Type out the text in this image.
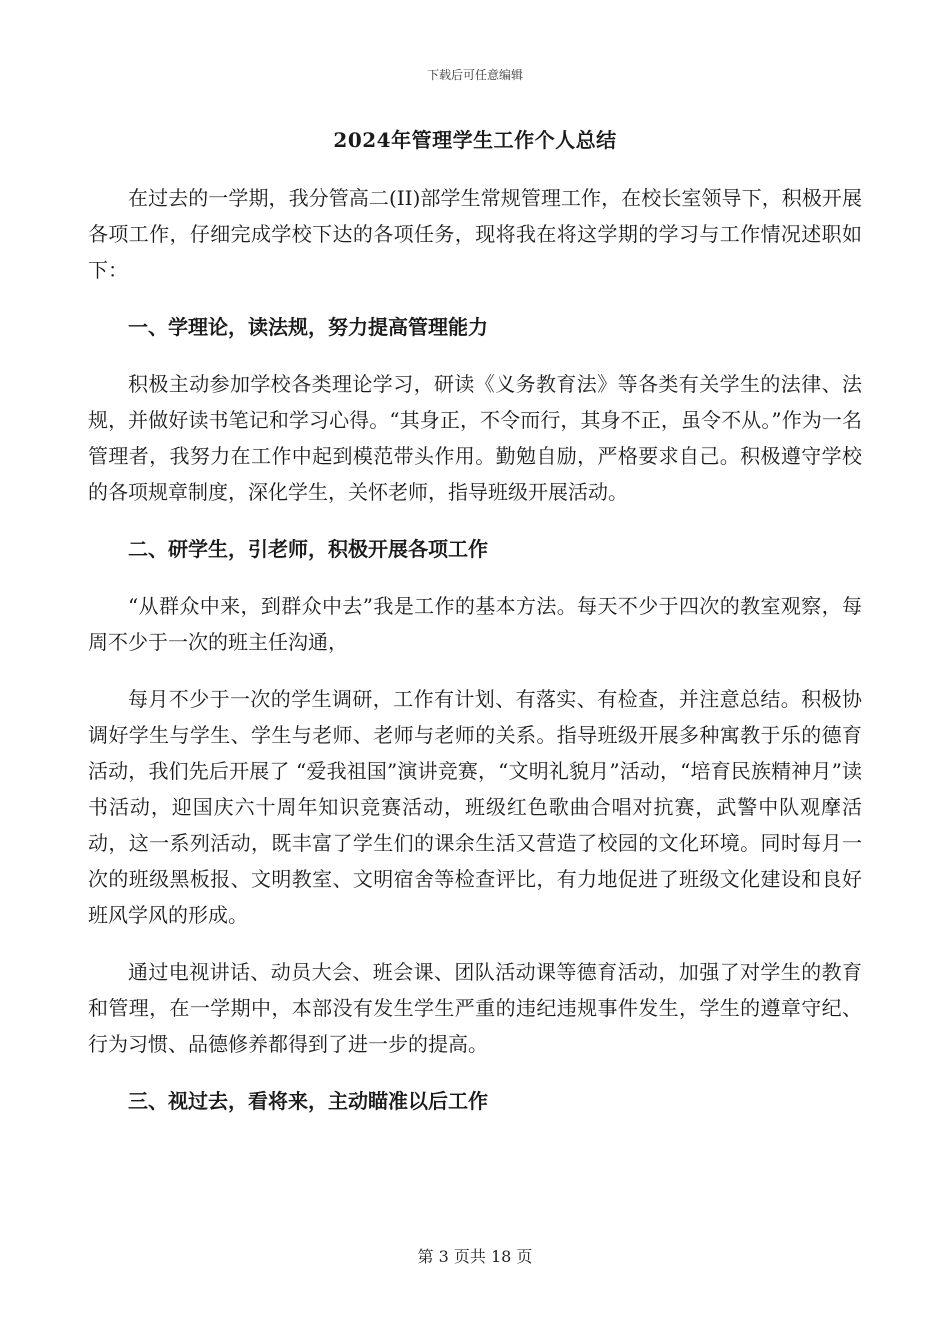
下载后可任意编辑
2024年管理学生工作个人总结

在过去的一学期，我分管高二(II)部学生常规管理工作，在校长室领导下，积极开展各项工作，仔细完成学校下达的各项任务，现将我在将这学期的学习与工作情况述职如下：

一、学理论，读法规，努力提高管理能力

积极主动参加学校各类理论学习，研读《义务教育法》等各类有关学生的法律、法规，并做好读书笔记和学习心得。“其身正，不令而行，其身不正，虽令不从。”作为一名管理者，我努力在工作中起到模范带头作用。勤勉自励，严格要求自己。积极遵守学校的各项规章制度，深化学生，关怀老师，指导班级开展活动。

二、研学生，引老师，积极开展各项工作

“从群众中来，到群众中去”我是工作的基本方法。每天不少于四次的教室观察，每周不少于一次的班主任沟通，

每月不少于一次的学生调研，工作有计划、有落实、有检查，并注意总结。积极协调好学生与学生、学生与老师、老师与老师的关系。指导班级开展多种寓教于乐的德育活动，我们先后开展了 “爱我祖国”演讲竞赛，“文明礼貌月”活动，“培育民族精神月”读书活动，迎国庆六十周年知识竞赛活动，班级红色歌曲合唱对抗赛，武警中队观摩活动，这一系列活动，既丰富了学生们的课余生活又营造了校园的文化环境。同时每月一次的班级黑板报、文明教室、文明宿舍等检查评比，有力地促进了班级文化建设和良好班风学风的形成。

通过电视讲话、动员大会、班会课、团队活动课等德育活动，加强了对学生的教育和管理，在一学期中，本部没有发生学生严重的违纪违规事件发生，学生的遵章守纪、行为习惯、品德修养都得到了进一步的提高。

三、视过去，看将来，主动瞄准以后工作

第 3 页共 18 页
